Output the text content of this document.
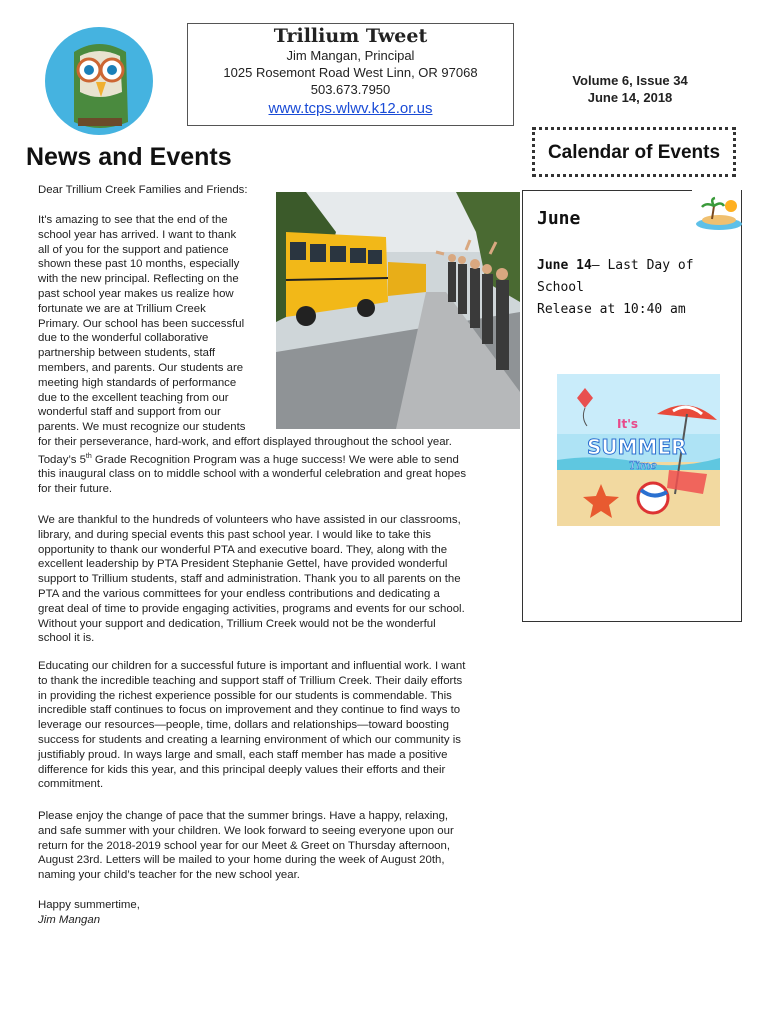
Trillium Tweet
Jim Mangan, Principal
1025 Rosemont Road West Linn, OR 97068
503.673.7950
www.tcps.wlwv.k12.or.us
Volume 6, Issue 34
June 14, 2018
News and Events	Calendar of Events
June
June 14– Last Day of School
Release at 10:40 am
It's
SUMMER
Time
Dear Trillium Creek Families and Friends:
It's amazing to see that the end of the
school year has arrived. I want to thank
all of you for the support and patience
shown these past 10 months, especially
with the new principal. Reflecting on the
past school year makes us realize how
fortunate we are at Trillium Creek
Primary. Our school has been successful
due to the wonderful collaborative
partnership between students, staff
members, and parents. Our students are
meeting high standards of performance
due to the excellent teaching from our
wonderful staff and support from our
parents. We must recognize our students
for their perseverance, hard-work, and effort displayed throughout the school year.
Today’s 5th Grade Recognition Program was a huge success! We were able to send
this inaugural class on to middle school with a wonderful celebration and great hopes
for their future.
We are thankful to the hundreds of volunteers who have assisted in our classrooms,
library, and during special events this past school year. I would like to take this
opportunity to thank our wonderful PTA and executive board. They, along with the
excellent leadership by PTA President Stephanie Gettel, have provided wonderful
support to Trillium students, staff and administration. Thank you to all parents on the
PTA and the various committees for your endless contributions and dedicating a
great deal of time to provide engaging activities, programs and events for our school.
Without your support and dedication, Trillium Creek would not be the wonderful
school it is.
Educating our children for a successful future is important and influential work. I want
to thank the incredible teaching and support staff of Trillium Creek. Their daily efforts
in providing the richest experience possible for our students is commendable. This
incredible staff continues to focus on improvement and they continue to find ways to
leverage our resources—people, time, dollars and relationships—toward boosting
success for students and creating a learning environment of which our community is
justifiably proud. In ways large and small, each staff member has made a positive
difference for kids this year, and this principal deeply values their efforts and their
commitment.
Please enjoy the change of pace that the summer brings. Have a happy, relaxing,
and safe summer with your children. We look forward to seeing everyone upon our
return for the 2018-2019 school year for our Meet & Greet on Thursday afternoon,
August 23rd. Letters will be mailed to your home during the week of August 20th,
naming your child’s teacher for the new school year.
Happy summertime,
Jim Mangan
